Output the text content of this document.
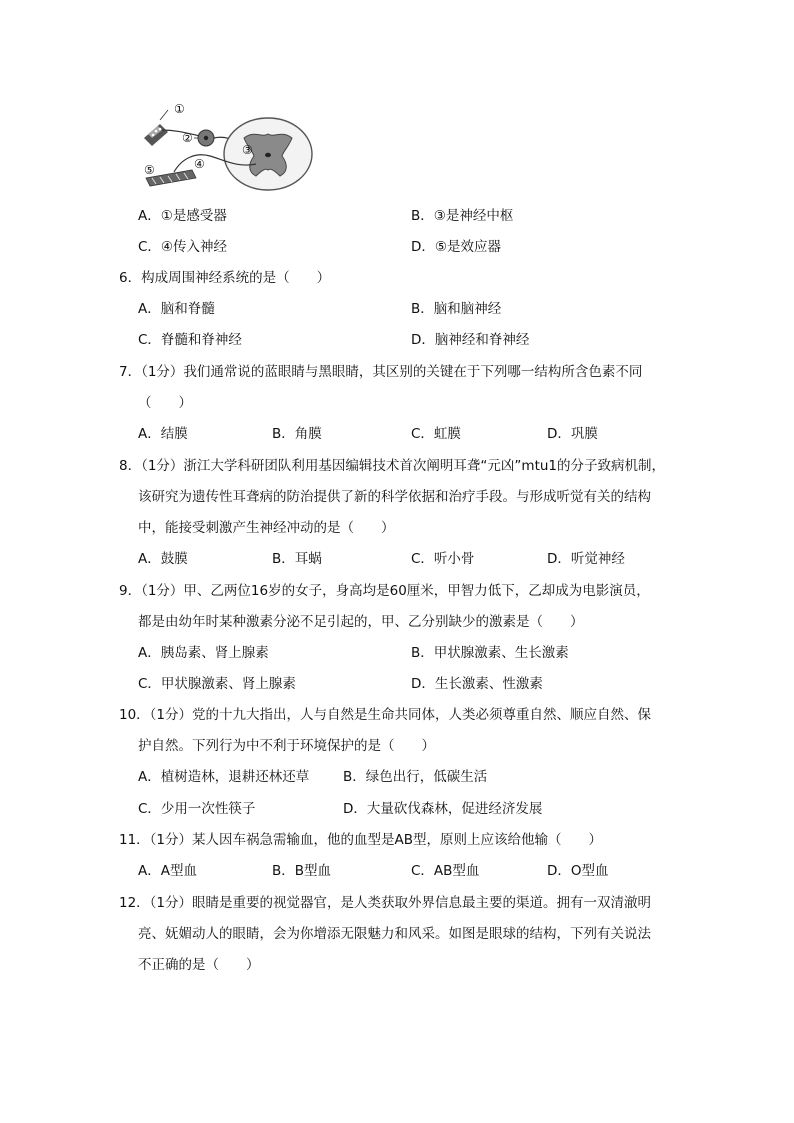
①
②
③
④
⑤
A．①是感受器	B．③是神经中枢
C．④传入神经	D．⑤是效应器
6．构成周围神经系统的是（　　）
A．脑和脊髓	B．脑和脑神经
C．脊髓和脊神经	D．脑神经和脊神经
7．（1分）我们通常说的蓝眼睛与黑眼睛，其区别的关键在于下列哪一结构所含色素不同
（　　）
A．结膜	B．角膜	C．虹膜	D．巩膜
8．（1分）浙江大学科研团队利用基因编辑技术首次阐明耳聋“元凶”mtu1的分子致病机制，
该研究为遗传性耳聋病的防治提供了新的科学依据和治疗手段。与形成听觉有关的结构
中，能接受刺激产生神经冲动的是（　　）
A．鼓膜	B．耳蜗	C．听小骨	D．听觉神经
9．（1分）甲、乙两位16岁的女子，身高均是60厘米，甲智力低下，乙却成为电影演员，
都是由幼年时某种激素分泌不足引起的，甲、乙分别缺少的激素是（　　）
A．胰岛素、肾上腺素	B．甲状腺激素、生长激素
C．甲状腺激素、肾上腺素	D．生长激素、性激素
10．（1分）党的十九大指出，人与自然是生命共同体，人类必须尊重自然、顺应自然、保
护自然。下列行为中不利于环境保护的是（　　）
A．植树造林，退耕还林还草	B．绿色出行，低碳生活
C．少用一次性筷子	D．大量砍伐森林，促进经济发展
11．（1分）某人因车祸急需输血，他的血型是AB型，原则上应该给他输（　　）
A．A型血	B．B型血	C．AB型血	D．O型血
12．（1分）眼睛是重要的视觉器官，是人类获取外界信息最主要的渠道。拥有一双清澈明
亮、妩媚动人的眼睛，会为你增添无限魅力和风采。如图是眼球的结构，下列有关说法
不正确的是（　　）
